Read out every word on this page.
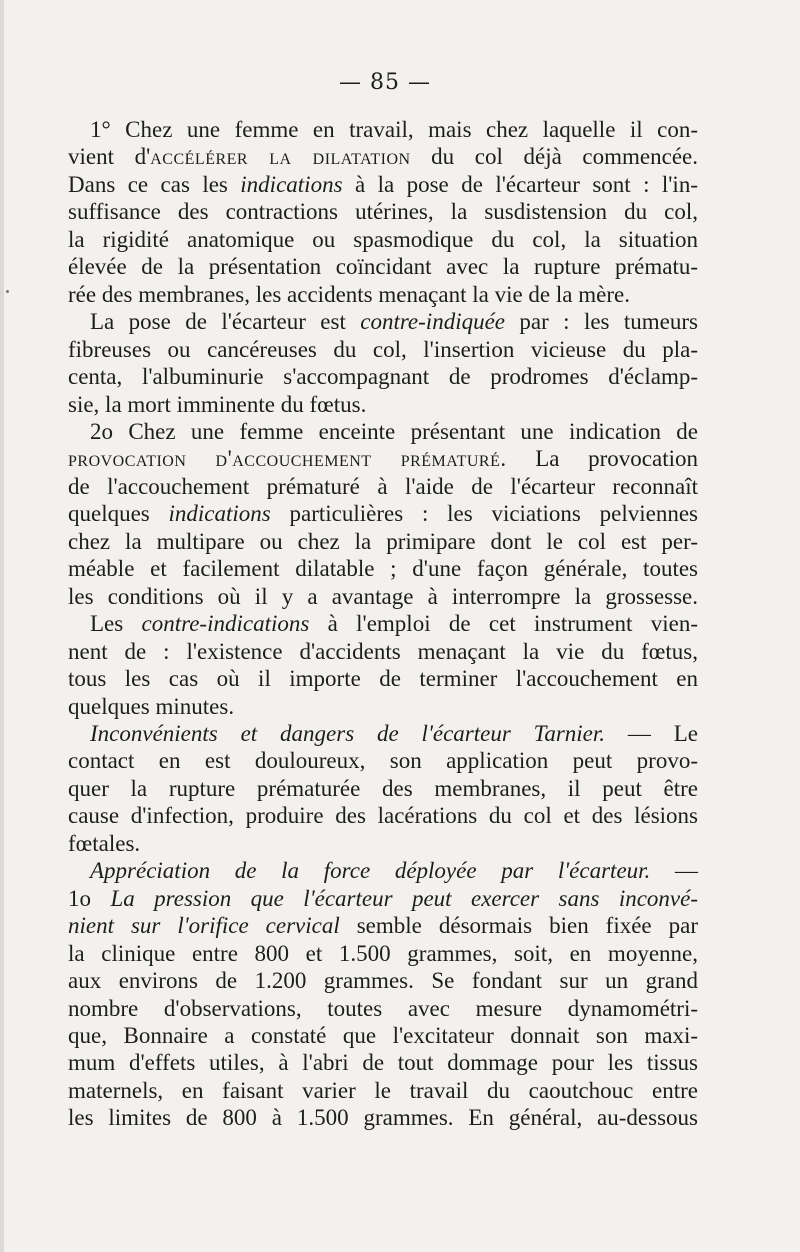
— 85 —
1° Chez une femme en travail, mais chez laquelle il con-
vient d'accélérer la dilatation du col déjà commencée.
Dans ce cas les indications à la pose de l'écarteur sont : l'in-
suffisance des contractions utérines, la susdistension du col,
la rigidité anatomique ou spasmodique du col, la situation
élevée de la présentation coïncidant avec la rupture prématu-
rée des membranes, les accidents menaçant la vie de la mère.
La pose de l'écarteur est contre-indiquée par : les tumeurs
fibreuses ou cancéreuses du col, l'insertion vicieuse du pla-
centa, l'albuminurie s'accompagnant de prodromes d'éclamp-
sie, la mort imminente du fœtus.
2o Chez une femme enceinte présentant une indication de
provocation d'accouchement prématuré. La provocation
de l'accouchement prématuré à l'aide de l'écarteur reconnaît
quelques indications particulières : les viciations pelviennes
chez la multipare ou chez la primipare dont le col est per-
méable et facilement dilatable ; d'une façon générale, toutes
les conditions où il y a avantage à interrompre la grossesse.
Les contre-indications à l'emploi de cet instrument vien-
nent de : l'existence d'accidents menaçant la vie du fœtus,
tous les cas où il importe de terminer l'accouchement en
quelques minutes.
Inconvénients et dangers de l'écarteur Tarnier. — Le
contact en est douloureux, son application peut provo-
quer la rupture prématurée des membranes, il peut être
cause d'infection, produire des lacérations du col et des lésions
fœtales.
Appréciation de la force déployée par l'écarteur. —
1o La pression que l'écarteur peut exercer sans inconvé-
nient sur l'orifice cervical semble désormais bien fixée par
la clinique entre 800 et 1.500 grammes, soit, en moyenne,
aux environs de 1.200 grammes. Se fondant sur un grand
nombre d'observations, toutes avec mesure dynamométri-
que, Bonnaire a constaté que l'excitateur donnait son maxi-
mum d'effets utiles, à l'abri de tout dommage pour les tissus
maternels, en faisant varier le travail du caoutchouc entre
les limites de 800 à 1.500 grammes. En général, au-dessous
